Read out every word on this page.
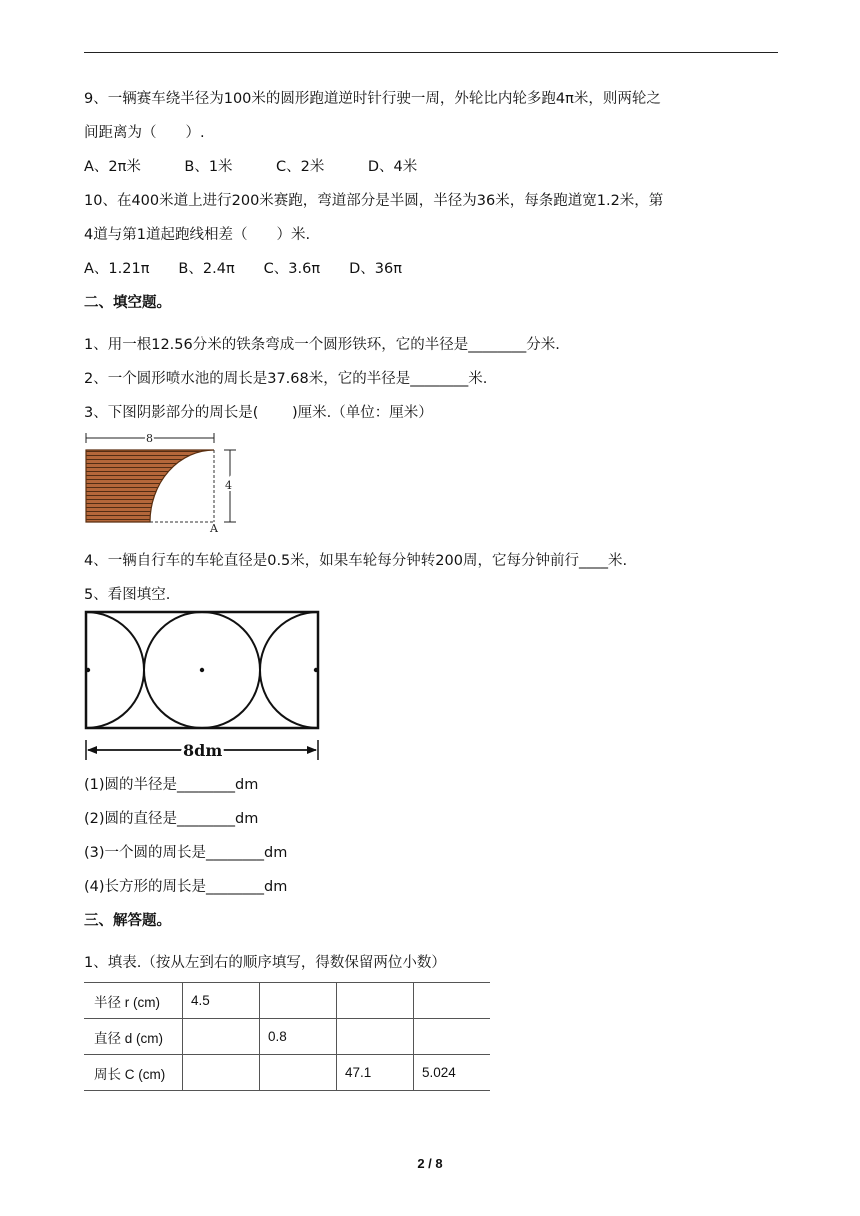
9、一辆赛车绕半径为100米的圆形跑道逆时针行驶一周，外轮比内轮多跑4π米，则两轮之
间距离为（　　）.
A、2π米　　　B、1米　　　C、2米　　　D、4米
10、在400米道上进行200米赛跑，弯道部分是半圆，半径为36米，每条跑道宽1.2米，第
4道与第1道起跑线相差（　　）米.
A、1.21π　　B、2.4π　　C、3.6π　　D、36π
二、填空题。
1、用一根12.56分米的铁条弯成一个圆形铁环，它的半径是________分米.
2、一个圆形喷水池的周长是37.68米，它的半径是________米.
3、下图阴影部分的周长是(　　 )厘米.（单位：厘米）
8
4
A
4、一辆自行车的车轮直径是0.5米，如果车轮每分钟转200周，它每分钟前行____米.
5、看图填空.
8dm
(1)圆的半径是________dm
(2)圆的直径是________dm
(3)一个圆的周长是________dm
(4)长方形的周长是________dm
三、解答题。
1、填表.（按从左到右的顺序填写，得数保留两位小数）
半径 r (cm)	4.5			
直径 d (cm)		0.8		
周长 C (cm)			47.1	5.024
2 / 8
